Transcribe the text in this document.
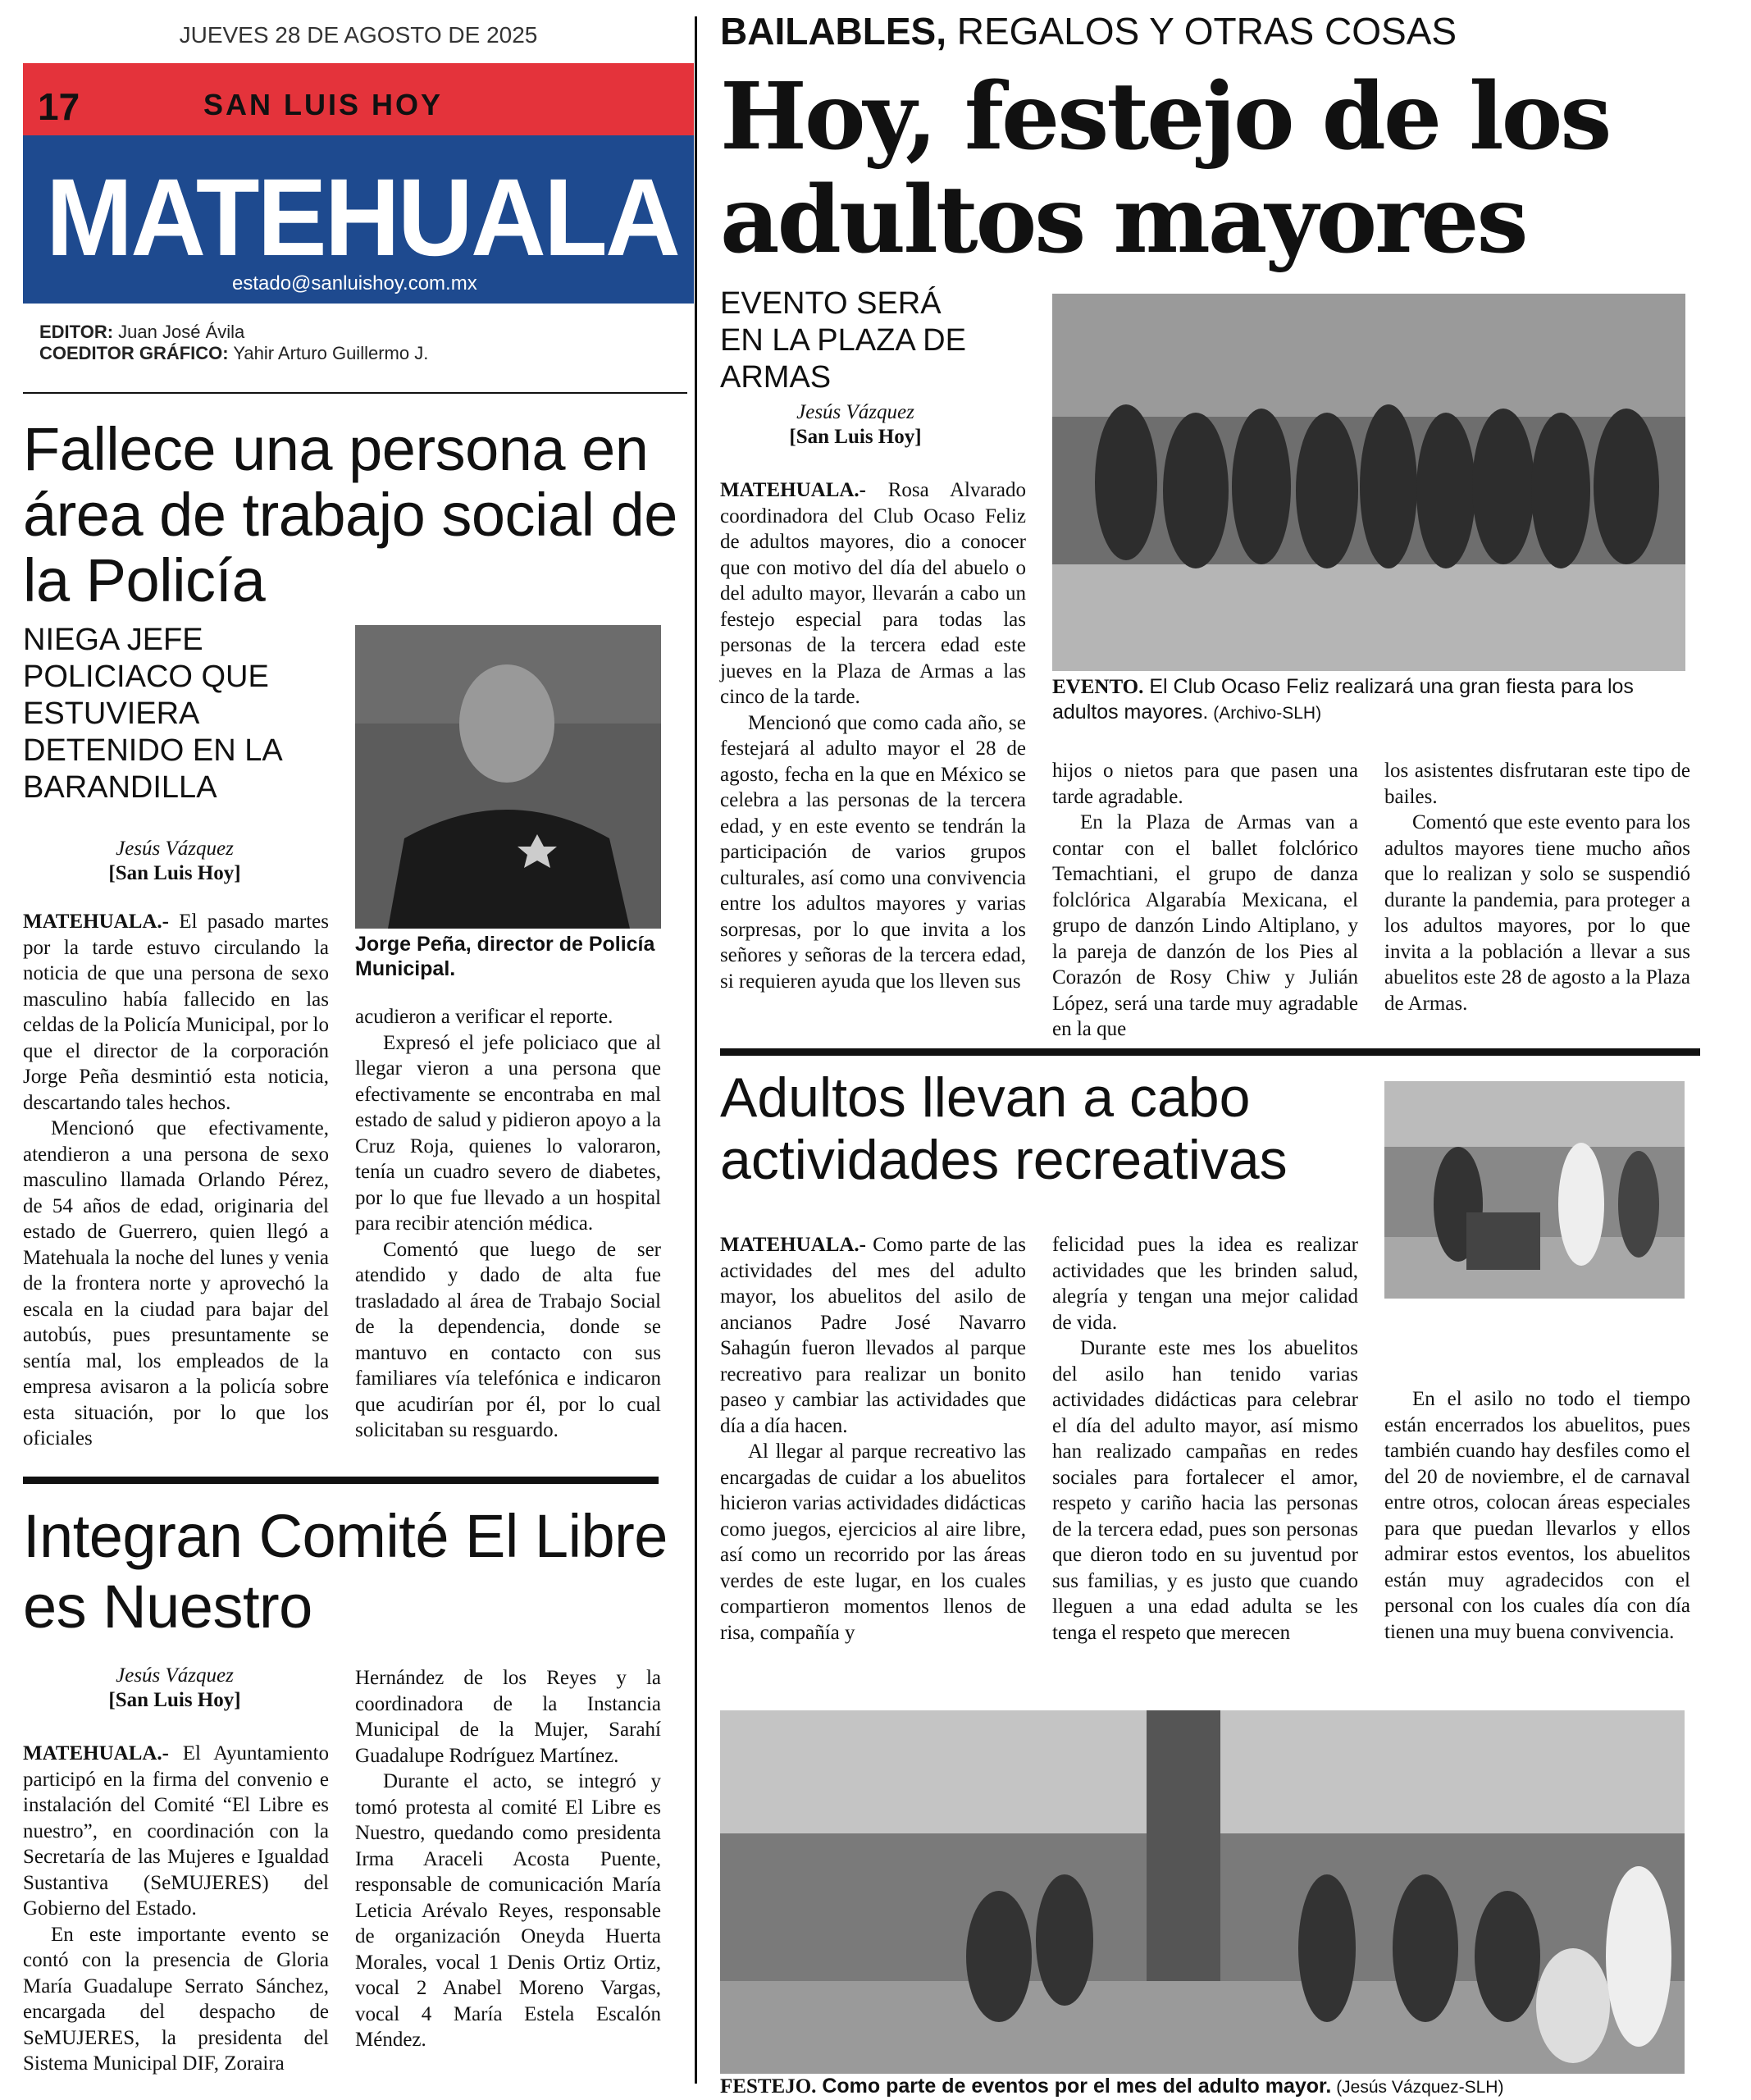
JUEVES 28 DE AGOSTO DE 2025
17	SAN LUIS HOY
MATEHUALA
estado@sanluishoy.com.mx
EDITOR: Juan José Ávila
COEDITOR GRÁFICO: Yahir Arturo Guillermo J.
Fallece una persona en área de trabajo social de la Policía
NIEGA JEFE POLICIACO QUE ESTUVIERA DETENIDO EN LA BARANDILLA
Jesús Vázquez
[San Luis Hoy]
Jorge Peña, director de Policía Municipal.

MATEHUALA.- El pasado martes por la tarde estuvo circulando la noticia de que una persona de sexo masculino había fallecido en las celdas de la Policía Municipal, por lo que el director de la corporación Jorge Peña desmintió esta noticia, descartando tales hechos.

Mencionó que efectivamente, atendieron a una persona de sexo masculino llamada Orlando Pérez, de 54 años de edad, originaria del estado de Guerrero, quien llegó a Matehuala la noche del lunes y venia de la frontera norte y aprovechó la escala en la ciudad para bajar del autobús, pues presuntamente se sentía mal, los empleados de la empresa avisaron a la policía sobre esta situación, por lo que los oficiales

acudieron a verificar el reporte.

Expresó el jefe policiaco que al llegar vieron a una persona que efectivamente se encontraba en mal estado de salud y pidieron apoyo a la Cruz Roja, quienes lo valoraron, tenía un cuadro severo de diabetes, por lo que fue llevado a un hospital para recibir atención médica.

Comentó que luego de ser atendido y dado de alta fue trasladado al área de Trabajo Social de la dependencia, donde se mantuvo en contacto con sus familiares vía telefónica e indicaron que acudirían por él, por lo cual solicitaban su resguardo.

Integran Comité El Libre es Nuestro
Jesús Vázquez
[San Luis Hoy]

MATEHUALA.- El Ayuntamiento participó en la firma del convenio e instalación del Comité “El Libre es nuestro”, en coordinación con la Secretaría de las Mujeres e Igualdad Sustantiva (SeMUJERES) del Gobierno del Estado.

En este importante evento se contó con la presencia de Gloria María Guadalupe Serrato Sánchez, encargada del despacho de SeMUJERES, la presidenta del Sistema Municipal DIF, Zoraira

Hernández de los Reyes y la coordinadora de la Instancia Municipal de la Mujer, Sarahí Guadalupe Rodríguez Martínez.

Durante el acto, se integró y tomó protesta al comité El Libre es Nuestro, quedando como presidenta Irma Araceli Acosta Puente, responsable de comunicación María Leticia Arévalo Reyes, responsable de organización Oneyda Huerta Morales, vocal 1 Denis Ortiz Ortiz, vocal 2 Anabel Moreno Vargas, vocal 4 María Estela Escalón Méndez.

BAILABLES, REGALOS Y OTRAS COSAS
Hoy, festejo de los adultos mayores
EVENTO SERÁ EN LA PLAZA DE ARMAS
Jesús Vázquez
[San Luis Hoy]
EVENTO. El Club Ocaso Feliz realizará una gran fiesta para los adultos mayores. (Archivo-SLH)

MATEHUALA.- Rosa Alvarado coordinadora del Club Ocaso Feliz de adultos mayores, dio a conocer que con motivo del día del abuelo o del adulto mayor, llevarán a cabo un festejo especial para todas las personas de la tercera edad este jueves en la Plaza de Armas a las cinco de la tarde.

Mencionó que como cada año, se festejará al adulto mayor el 28 de agosto, fecha en la que en México se celebra a las personas de la tercera edad, y en este evento se tendrán la participación de varios grupos culturales, así como una convivencia entre los adultos mayores y varias sorpresas, por lo que invita a los señores y señoras de la tercera edad, si requieren ayuda que los lleven sus

hijos o nietos para que pasen una tarde agradable.

En la Plaza de Armas van a contar con el ballet folclórico Temachtiani, el grupo de danza folclórica Algarabía Mexicana, el grupo de danzón Lindo Altiplano, y la pareja de danzón de los Pies al Corazón de Rosy Chiw y Julián López, será una tarde muy agradable en la que

los asistentes disfrutaran este tipo de bailes.

Comentó que este evento para los adultos mayores tiene mucho años que lo realizan y solo se suspendió durante la pandemia, para proteger a los adultos mayores, por lo que invita a la población a llevar a sus abuelitos este 28 de agosto a la Plaza de Armas.

Adultos llevan a cabo actividades recreativas

MATEHUALA.- Como parte de las actividades del mes del adulto mayor, los abuelitos del asilo de ancianos Padre José Navarro Sahagún fueron llevados al parque recreativo para realizar un bonito paseo y cambiar las actividades que día a día hacen.

Al llegar al parque recreativo las encargadas de cuidar a los abuelitos hicieron varias actividades didácticas como juegos, ejercicios al aire libre, así como un recorrido por las áreas verdes de este lugar, en los cuales compartieron momentos llenos de risa, compañía y

felicidad pues la idea es realizar actividades que les brinden salud, alegría y tengan una mejor calidad de vida.

Durante este mes los abuelitos del asilo han tenido varias actividades didácticas para celebrar el día del adulto mayor, así mismo han realizado campañas en redes sociales para fortalecer el amor, respeto y cariño hacia las personas de la tercera edad, pues son personas que dieron todo en su juventud por sus familias, y es justo que cuando lleguen a una edad adulta se les tenga el respeto que merecen

En el asilo no todo el tiempo están encerrados los abuelitos, pues también cuando hay desfiles como el del 20 de noviembre, el de carnaval entre otros, colocan áreas especiales para que puedan llevarlos y ellos admirar estos eventos, los abuelitos están muy agradecidos con el personal con los cuales día con día tienen una muy buena convivencia.

FESTEJO. Como parte de eventos por el mes del adulto mayor. (Jesús Vázquez-SLH)
